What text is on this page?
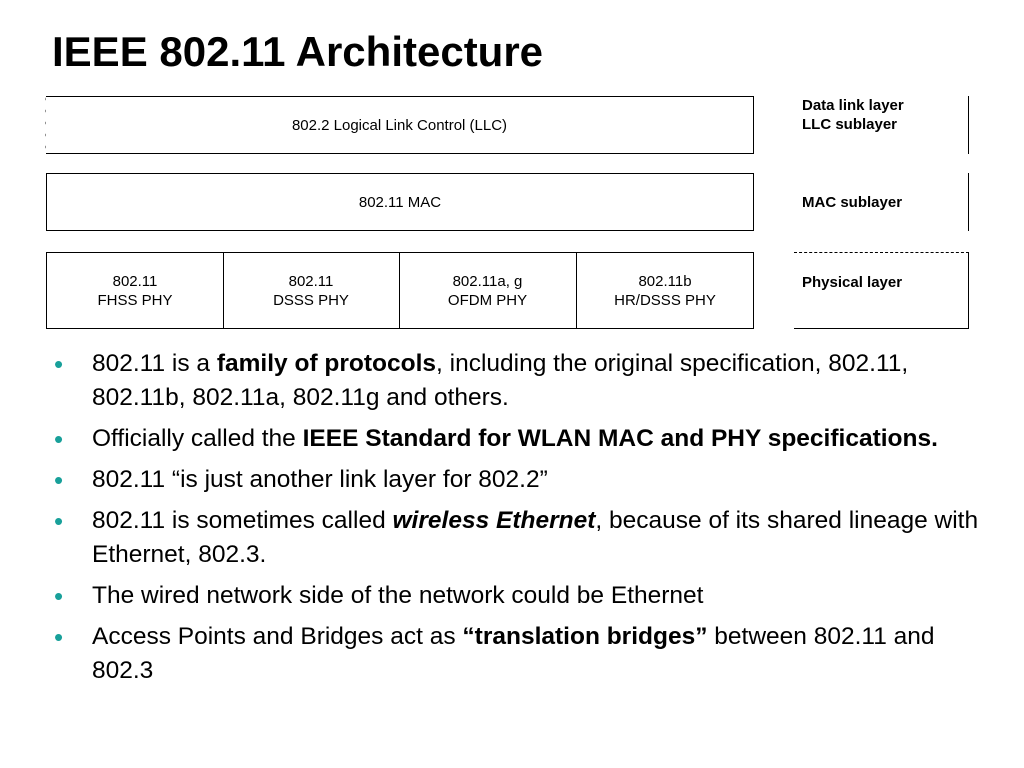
IEEE 802.11 Architecture
802.2 Logical Link Control (LLC)
802.11 MAC
802.11
FHSS PHY
802.11
DSSS PHY
802.11a, g
OFDM PHY
802.11b
HR/DSSS PHY
Data link layer
LLC sublayer
MAC sublayer
Physical layer
• 802.11 is a family of protocols, including the original specification, 802.11, 802.11b, 802.11a, 802.11g and others.
• Officially called the IEEE Standard for WLAN MAC and PHY specifications.
• 802.11 “is just another link layer for 802.2”
• 802.11 is sometimes called wireless Ethernet, because of its shared lineage with Ethernet, 802.3.
• The wired network side of the network could be Ethernet
• Access Points and Bridges act as “translation bridges” between 802.11 and 802.3
